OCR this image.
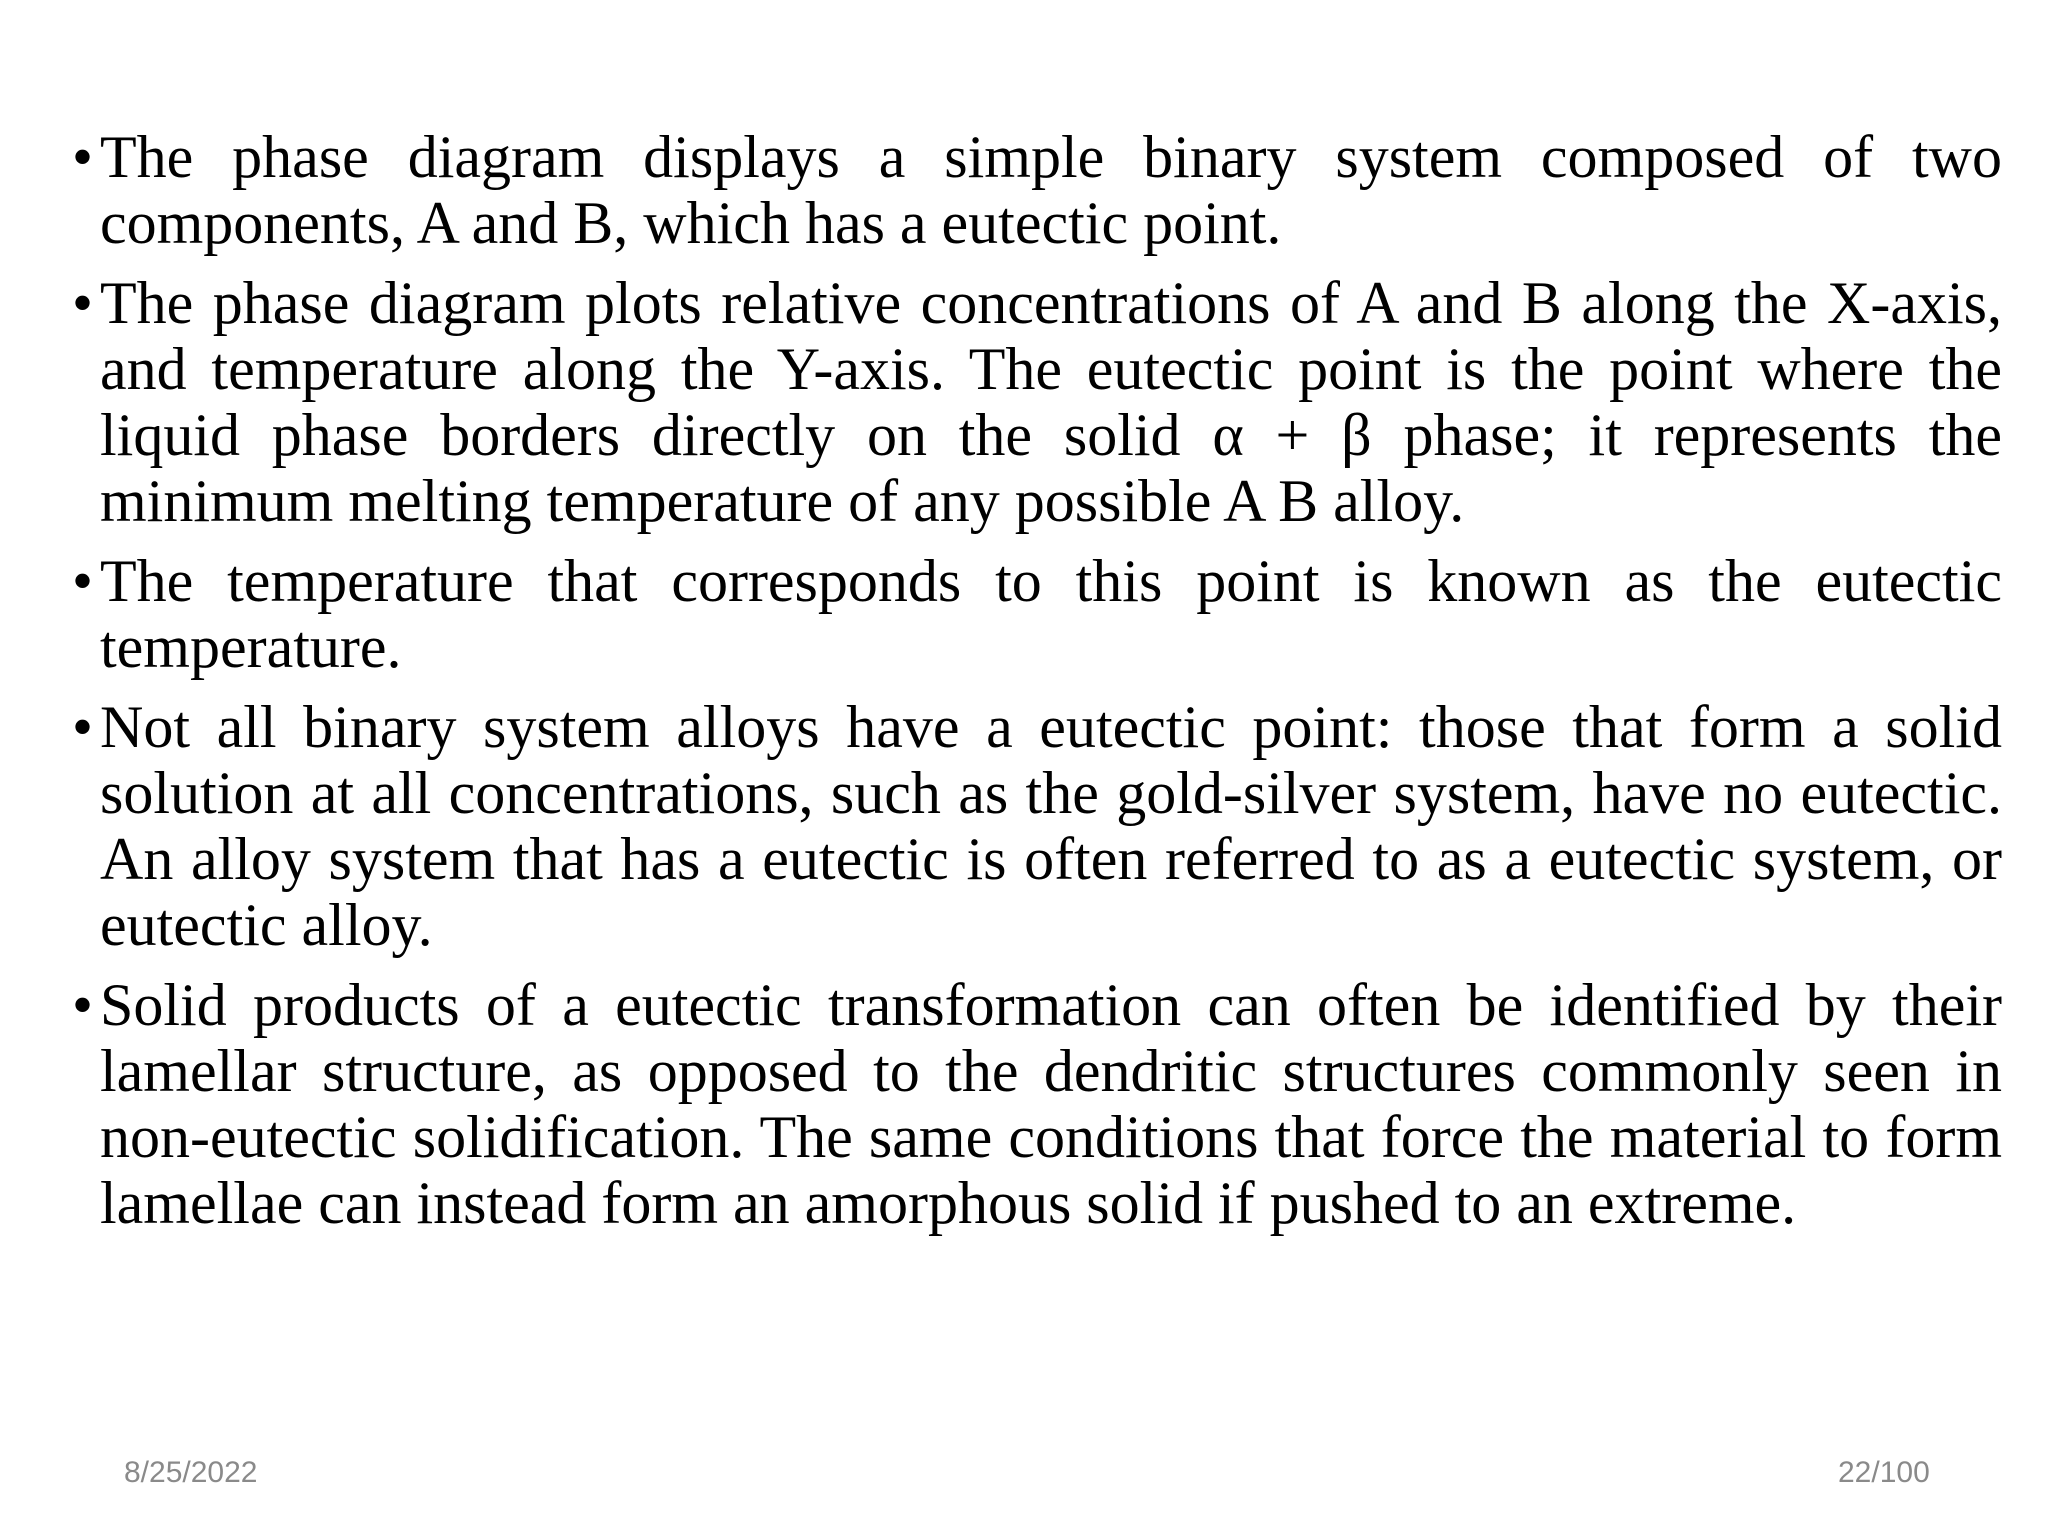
• The phase diagram displays a simple binary system composed of two components, A and B, which has a eutectic point.
• The phase diagram plots relative concentrations of A and B along the X-axis, and temperature along the Y-axis. The eutectic point is the point where the liquid phase borders directly on the solid α + β phase; it represents the minimum melting temperature of any possible A B alloy.
• The temperature that corresponds to this point is known as the eutectic temperature.
• Not all binary system alloys have a eutectic point: those that form a solid solution at all concentrations, such as the gold-silver system, have no eutectic. An alloy system that has a eutectic is often referred to as a eutectic system, or eutectic alloy.
• Solid products of a eutectic transformation can often be identified by their lamellar structure, as opposed to the dendritic structures commonly seen in non-eutectic solidification. The same conditions that force the material to form lamellae can instead form an amorphous solid if pushed to an extreme.
8/25/2022	22/100
